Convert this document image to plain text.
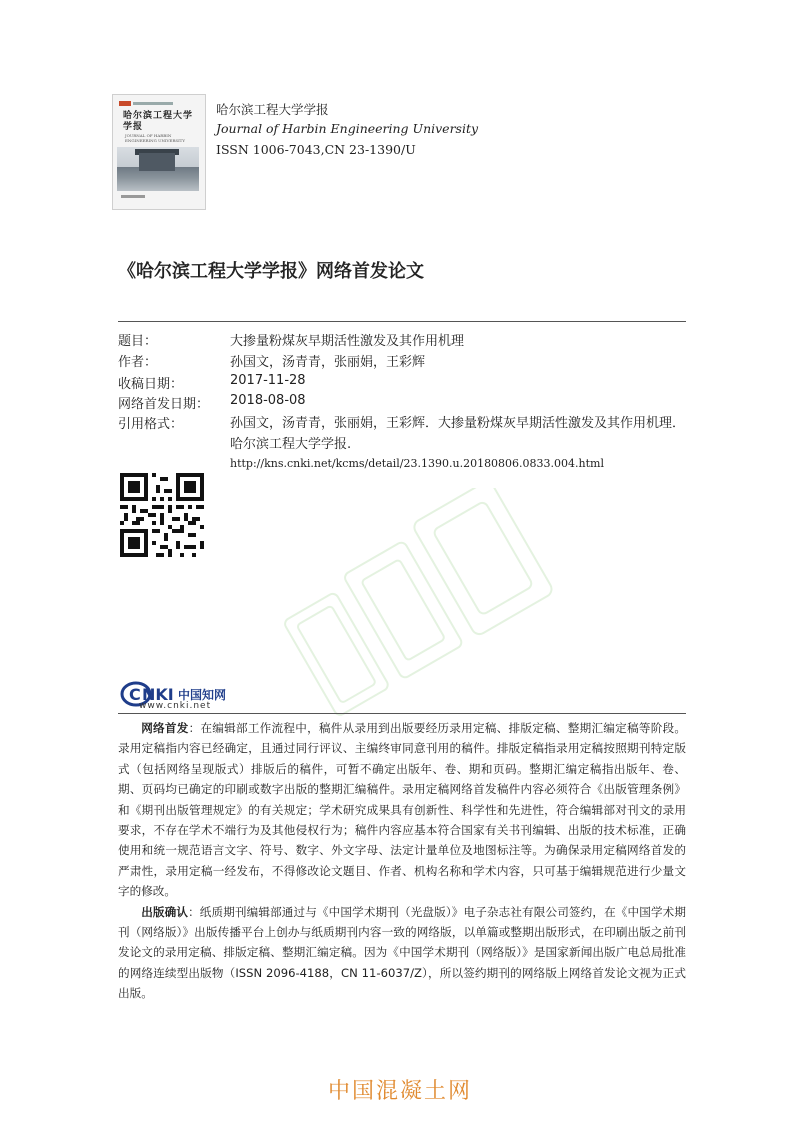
哈尔滨工程大学学报
JOURNAL OF HARBIN ENGINEERING UNIVERSITY
哈尔滨工程大学学报
Journal of Harbin Engineering University
ISSN 1006-7043,CN 23-1390/U
《哈尔滨工程大学学报》网络首发论文
题目：	大掺量粉煤灰早期活性激发及其作用机理
作者：	孙国文，汤青青，张丽娟，王彩辉
收稿日期：	2017-11-28
网络首发日期： 2018-08-08
引用格式：	孙国文，汤青青，张丽娟，王彩辉．大掺量粉煤灰早期活性激发及其作用机理．哈尔滨工程大学学报.
http://kns.cnki.net/kcms/detail/23.1390.u.20180806.0833.004.html
C NKI 中国知网
www.cnki.net

网络首发：在编辑部工作流程中，稿件从录用到出版要经历录用定稿、排版定稿、整期汇编定稿等阶段。录用定稿指内容已经确定，且通过同行评议、主编终审同意刊用的稿件。排版定稿指录用定稿按照期刊特定版式（包括网络呈现版式）排版后的稿件，可暂不确定出版年、卷、期和页码。整期汇编定稿指出版年、卷、期、页码均已确定的印刷或数字出版的整期汇编稿件。录用定稿网络首发稿件内容必须符合《出版管理条例》和《期刊出版管理规定》的有关规定；学术研究成果具有创新性、科学性和先进性，符合编辑部对刊文的录用要求，不存在学术不端行为及其他侵权行为；稿件内容应基本符合国家有关书刊编辑、出版的技术标准，正确使用和统一规范语言文字、符号、数字、外文字母、法定计量单位及地图标注等。为确保录用定稿网络首发的严肃性，录用定稿一经发布，不得修改论文题目、作者、机构名称和学术内容，只可基于编辑规范进行少量文字的修改。

出版确认：纸质期刊编辑部通过与《中国学术期刊（光盘版）》电子杂志社有限公司签约，在《中国学术期刊（网络版）》出版传播平台上创办与纸质期刊内容一致的网络版，以单篇或整期出版形式，在印刷出版之前刊发论文的录用定稿、排版定稿、整期汇编定稿。因为《中国学术期刊（网络版）》是国家新闻出版广电总局批准的网络连续型出版物（ISSN 2096-4188，CN 11-6037/Z），所以签约期刊的网络版上网络首发论文视为正式出版。

中国混凝土网
